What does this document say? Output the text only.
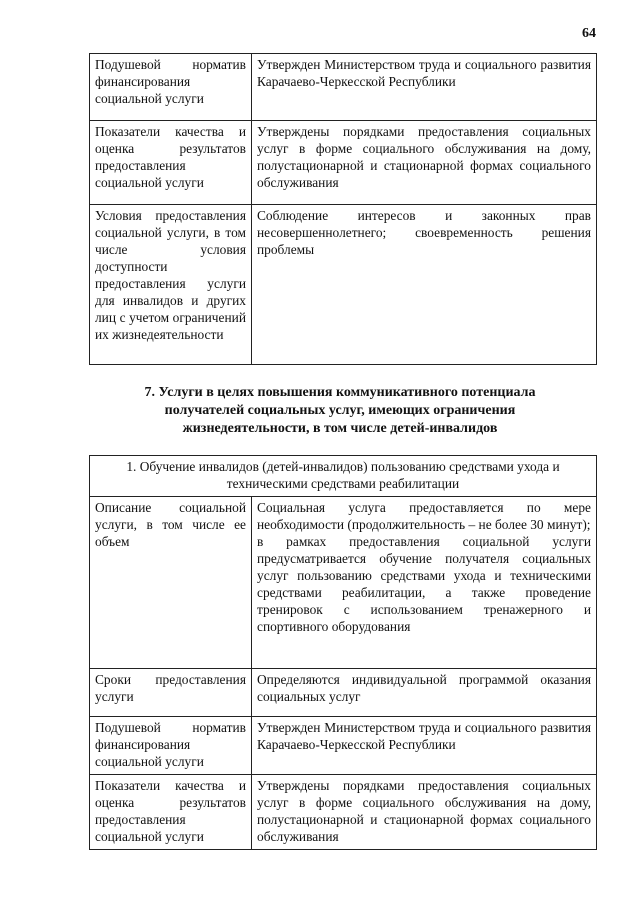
64
Подушевой норматив финансирования социальной услуги	Утвержден Министерством труда и социального развития Карачаево-Черкесской Республики
Показатели качества и оценка результатов предоставления социальной услуги	Утверждены порядками предоставления социальных услуг в форме социального обслуживания на дому, полустационарной и стационарной формах социального обслуживания
Условия предоставления социальной услуги, в том числе условия доступности предоставления услуги для инвалидов и других лиц с учетом ограничений их жизнедеятельности	Соблюдение интересов и законных прав несовершеннолетнего; своевременность решения проблемы
7. Услуги в целях повышения коммуникативного потенциала
получателей социальных услуг, имеющих ограничения
жизнедеятельности, в том числе детей-инвалидов
1. Обучение инвалидов (детей-инвалидов) пользованию средствами ухода и техническими средствами реабилитации	
Описание социальной услуги, в том числе ее объем	Социальная услуга предоставляется по мере необходимости (продолжительность – не более 30 минут);
в рамках предоставления социальной услуги предусматривается обучение получателя социальных услуг пользованию средствами ухода и техническими средствами реабилитации, а также проведение тренировок с использованием тренажерного и спортивного оборудования

Сроки предоставления услуги	Определяются индивидуальной программой оказания социальных услуг
Подушевой норматив финансирования социальной услуги	Утвержден Министерством труда и социального развития Карачаево-Черкесской Республики
Показатели качества и оценка результатов предоставления социальной услуги	Утверждены порядками предоставления социальных услуг в форме социального обслуживания на дому, полустационарной и стационарной формах социального обслуживания
